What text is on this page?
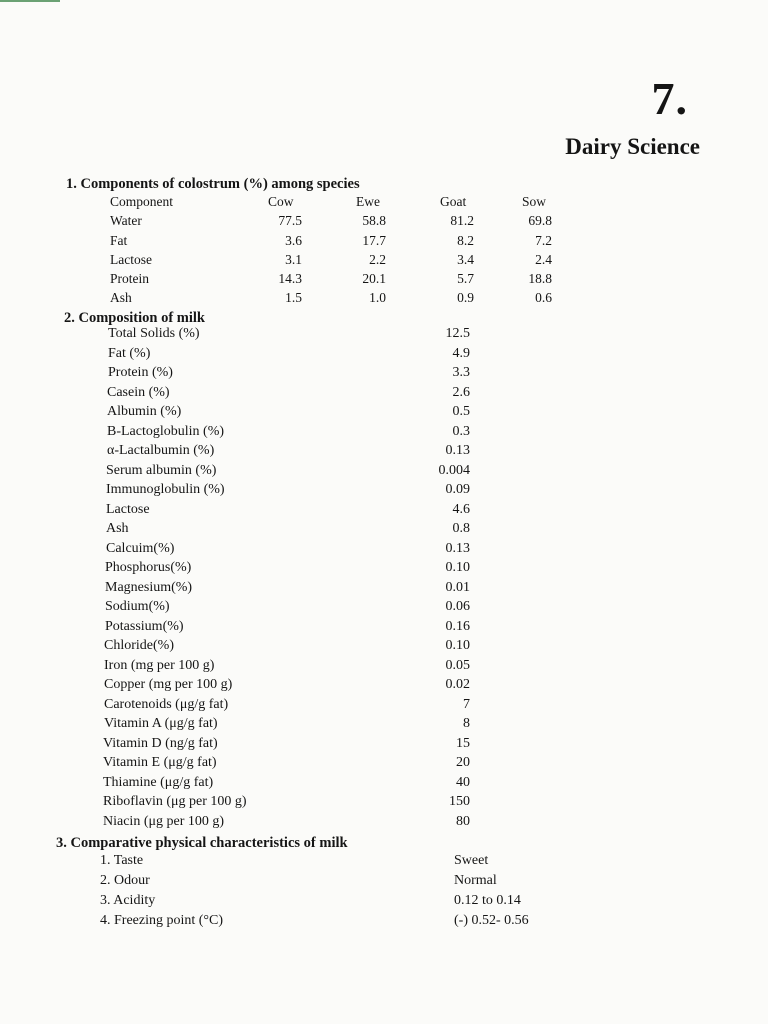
7.
Dairy Science
1. Components of colostrum (%) among species
Component	Cow	Ewe	Goat	Sow
Water	77.5	58.8	81.2	69.8
Fat	3.6	17.7	8.2	7.2
Lactose	3.1	2.2	3.4	2.4
Protein	14.3	20.1	5.7	18.8
Ash	1.5	1.0	0.9	0.6
2. Composition of milk
Total Solids (%)	12.5
Fat (%)	4.9
Protein (%)	3.3
Casein (%)	2.6
Albumin (%)	0.5
B-Lactoglobulin (%)	0.3
α-Lactalbumin (%)	0.13
Serum albumin (%)	0.004
Immunoglobulin (%)	0.09
Lactose	4.6
Ash	0.8
Calcuim(%)	0.13
Phosphorus(%)	0.10
Magnesium(%)	0.01
Sodium(%)	0.06
Potassium(%)	0.16
Chloride(%)	0.10
Iron (mg per 100 g)	0.05
Copper (mg per 100 g)	0.02
Carotenoids (μg/g fat)	7
Vitamin A (μg/g fat)	8
Vitamin D (ng/g fat)	15
Vitamin E (μg/g fat)	20
Thiamine (μg/g fat)	40
Riboflavin (μg per 100 g)	150
Niacin (μg per 100 g)	80
3. Comparative physical characteristics of milk
1. Taste	Sweet
2. Odour	Normal
3. Acidity	0.12 to 0.14
4. Freezing point (°C)	(-) 0.52- 0.56
